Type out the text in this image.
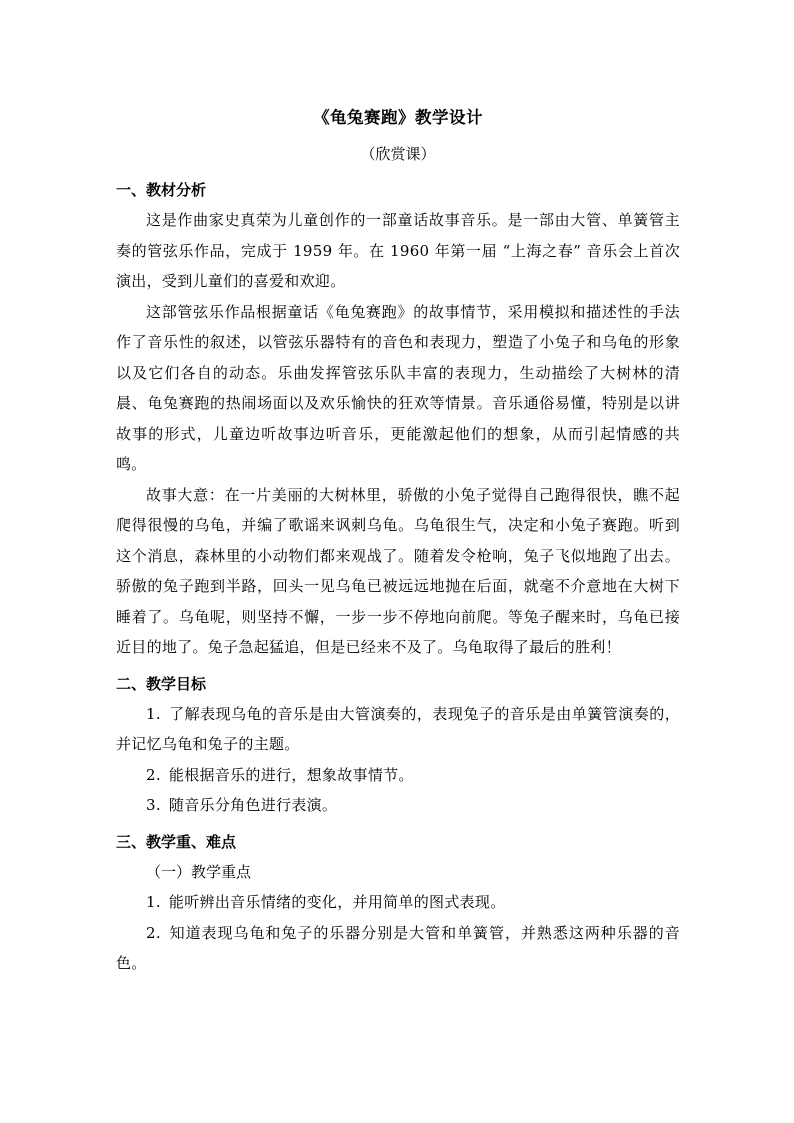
《龟兔赛跑》教学设计

（欣赏课）

一、教材分析

这是作曲家史真荣为儿童创作的一部童话故事音乐。是一部由大管、单簧管主奏的管弦乐作品，完成于 1959 年。在 1960 年第一届 “上海之春” 音乐会上首次演出，受到儿童们的喜爱和欢迎。

这部管弦乐作品根据童话《龟兔赛跑》的故事情节，采用模拟和描述性的手法作了音乐性的叙述，以管弦乐器特有的音色和表现力，塑造了小兔子和乌龟的形象以及它们各自的动态。乐曲发挥管弦乐队丰富的表现力，生动描绘了大树林的清晨、龟兔赛跑的热闹场面以及欢乐愉快的狂欢等情景。音乐通俗易懂，特别是以讲故事的形式，儿童边听故事边听音乐，更能激起他们的想象，从而引起情感的共鸣。

故事大意：在一片美丽的大树林里，骄傲的小兔子觉得自己跑得很快，瞧不起爬得很慢的乌龟，并编了歌谣来讽刺乌龟。乌龟很生气，决定和小兔子赛跑。听到这个消息，森林里的小动物们都来观战了。随着发令枪响，兔子飞似地跑了出去。骄傲的兔子跑到半路，回头一见乌龟已被远远地抛在后面，就毫不介意地在大树下睡着了。乌龟呢，则坚持不懈，一步一步不停地向前爬。等兔子醒来时，乌龟已接近目的地了。兔子急起猛追，但是已经来不及了。乌龟取得了最后的胜利！

二、教学目标

1. 了解表现乌龟的音乐是由大管演奏的，表现兔子的音乐是由单簧管演奏的，并记忆乌龟和兔子的主题。

2. 能根据音乐的进行，想象故事情节。

3. 随音乐分角色进行表演。

三、教学重、难点

（一）教学重点

1. 能听辨出音乐情绪的变化，并用简单的图式表现。

2. 知道表现乌龟和兔子的乐器分别是大管和单簧管，并熟悉这两种乐器的音色。
